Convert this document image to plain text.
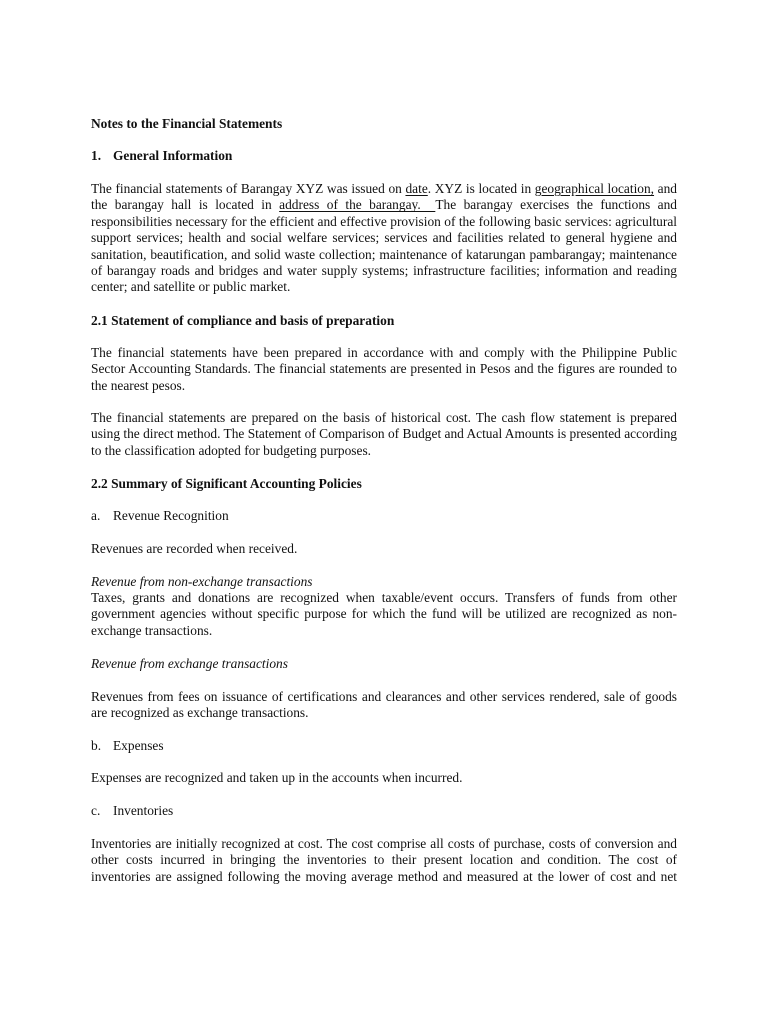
Notes to the Financial Statements

1. General Information

The financial statements of Barangay XYZ was issued on date. XYZ is located in geographical location, and the barangay hall is located in address of the barangay.  The barangay exercises the functions and responsibilities necessary for the efficient and effective provision of the following basic services: agricultural support services; health and social welfare services; services and facilities related to general hygiene and sanitation, beautification, and solid waste collection; maintenance of katarungan pambarangay; maintenance of barangay roads and bridges and water supply systems; infrastructure facilities; information and reading center; and satellite or public market.

2.1 Statement of compliance and basis of preparation

The financial statements have been prepared in accordance with and comply with the Philippine Public Sector Accounting Standards. The financial statements are presented in Pesos and the figures are rounded to the nearest pesos.

The financial statements are prepared on the basis of historical cost. The cash flow statement is prepared using the direct method. The Statement of Comparison of Budget and Actual Amounts is presented according to the classification adopted for budgeting purposes.

2.2 Summary of Significant Accounting Policies

a. Revenue Recognition

Revenues are recorded when received.

Revenue from non-exchange transactions

Taxes, grants and donations are recognized when taxable/event occurs. Transfers of funds from other government agencies without specific purpose for which the fund will be utilized are recognized as non-exchange transactions.

Revenue from exchange transactions

Revenues from fees on issuance of certifications and clearances and other services rendered, sale of goods are recognized as exchange transactions.

b. Expenses

Expenses are recognized and taken up in the accounts when incurred.

c. Inventories

Inventories are initially recognized at cost. The cost comprise all costs of purchase, costs of conversion and other costs incurred in bringing the inventories to their present location and condition. The cost of inventories are assigned following the moving average method and measured at the lower of cost and net
